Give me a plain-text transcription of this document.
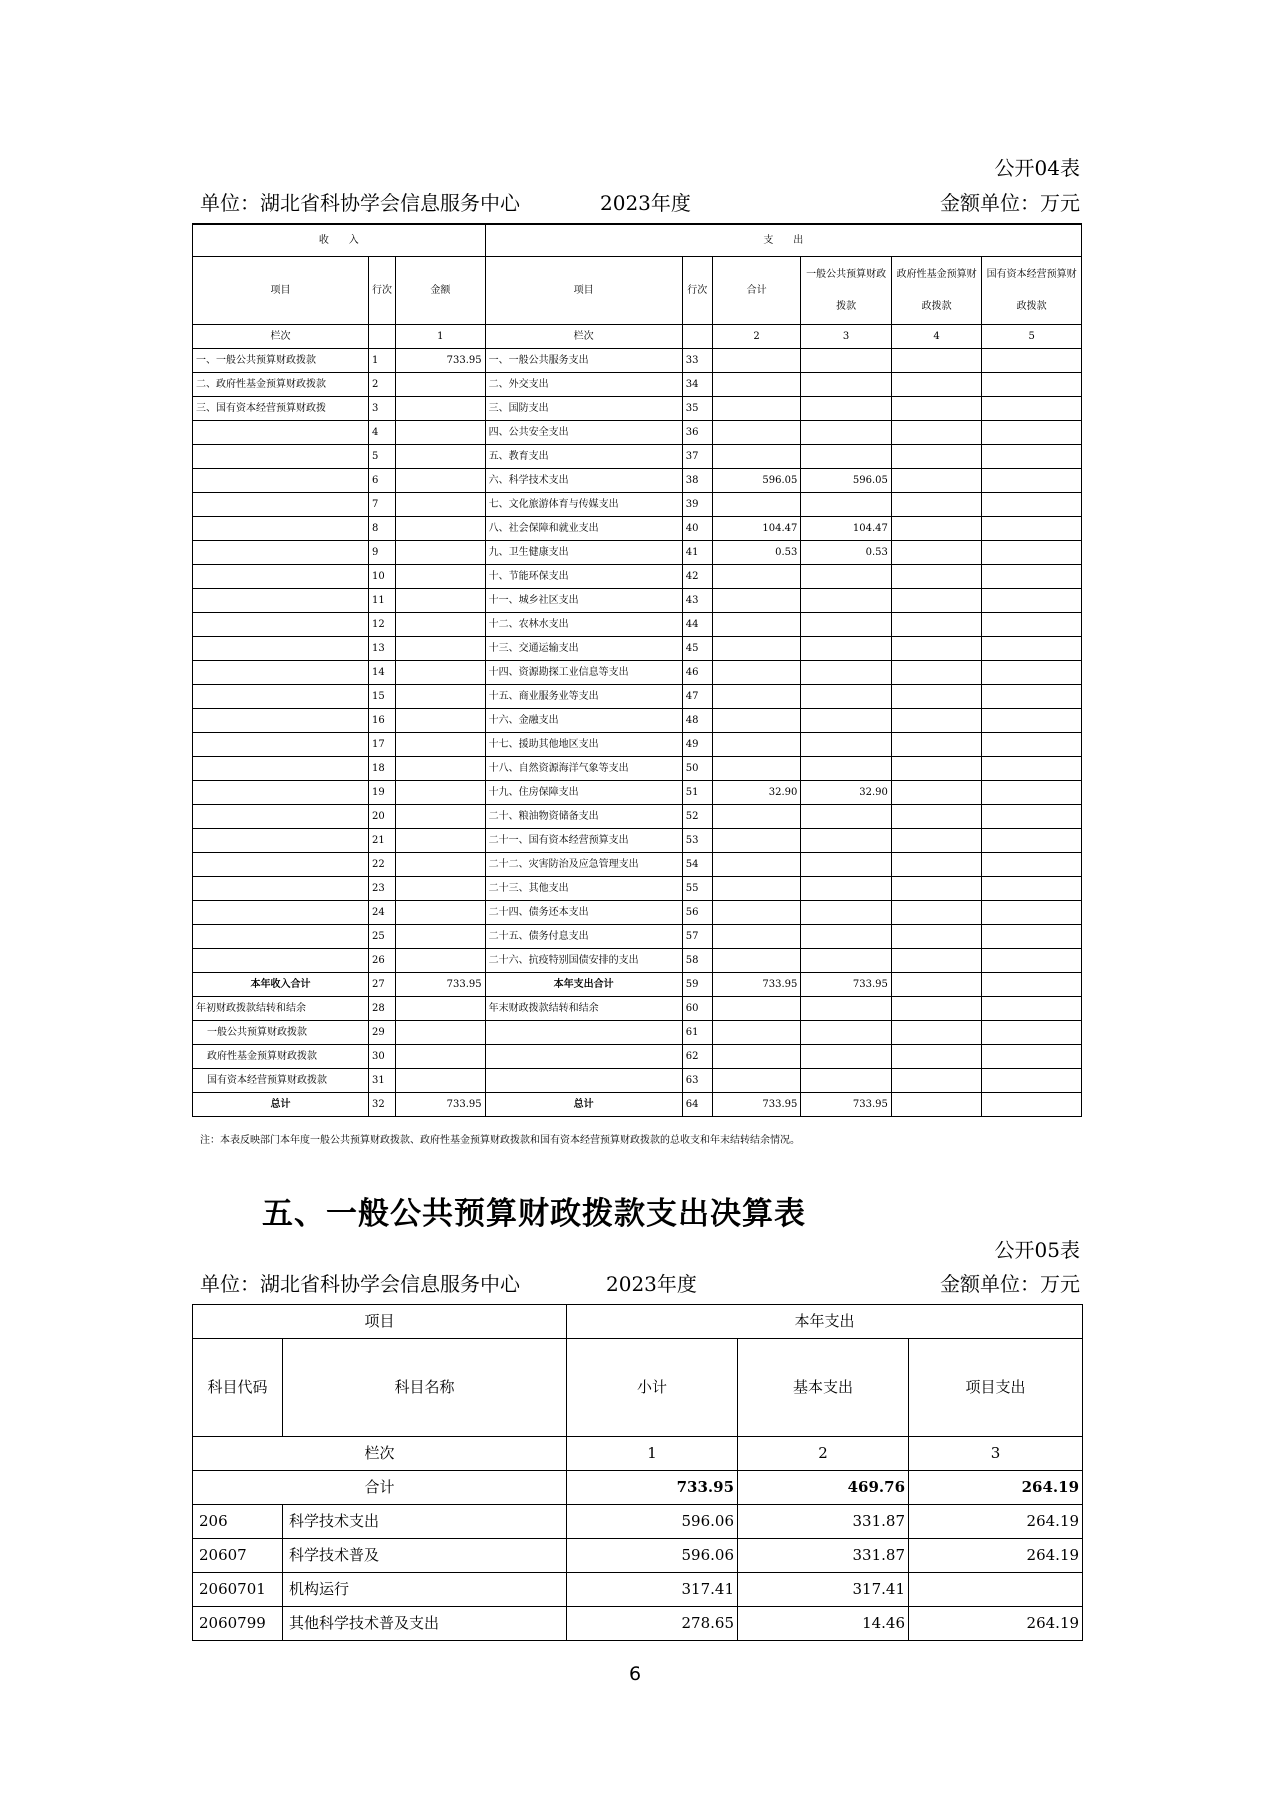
公开04表
单位：湖北省科协学会信息服务中心	2023年度	金额单位：万元
收　　入			支　　出					
项目	行次	金额	项目	行次	合计	一般公共预算财政拨款	政府性基金预算财政拨款	国有资本经营预算财政拨款
栏次		1	栏次		2	3	4	5
一、一般公共预算财政拨款	1	733.95	一、一般公共服务支出	33				
二、政府性基金预算财政拨款	2		二、外交支出	34				
三、国有资本经营预算财政拨	3		三、国防支出	35				
	4		四、公共安全支出	36				
	5		五、教育支出	37				
	6		六、科学技术支出	38	596.05	596.05		
	7		七、文化旅游体育与传媒支出	39				
	8		八、社会保障和就业支出	40	104.47	104.47		
	9		九、卫生健康支出	41	0.53	0.53		
	10		十、节能环保支出	42				
	11		十一、城乡社区支出	43				
	12		十二、农林水支出	44				
	13		十三、交通运输支出	45				
	14		十四、资源勘探工业信息等支出	46				
	15		十五、商业服务业等支出	47				
	16		十六、金融支出	48				
	17		十七、援助其他地区支出	49				
	18		十八、自然资源海洋气象等支出	50				
	19		十九、住房保障支出	51	32.90	32.90		
	20		二十、粮油物资储备支出	52				
	21		二十一、国有资本经营预算支出	53				
	22		二十二、灾害防治及应急管理支出	54				
	23		二十三、其他支出	55				
	24		二十四、债务还本支出	56				
	25		二十五、债务付息支出	57				
	26		二十六、抗疫特别国债安排的支出	58				
本年收入合计	27	733.95	本年支出合计	59	733.95	733.95		
年初财政拨款结转和结余	28		年末财政拨款结转和结余	60				
一般公共预算财政拨款	29			61				
政府性基金预算财政拨款	30			62				
国有资本经营预算财政拨款	31			63				
总计	32	733.95	总计	64	733.95	733.95		
注：本表反映部门本年度一般公共预算财政拨款、政府性基金预算财政拨款和国有资本经营预算财政拨款的总收支和年末结转结余情况。
五、一般公共预算财政拨款支出决算表
公开05表
单位：湖北省科协学会信息服务中心	2023年度	金额单位：万元
项目		本年支出		
科目代码	科目名称	小计	基本支出	项目支出
栏次		1	2	3
合计		733.95	469.76	264.19
206	科学技术支出	596.06	331.87	264.19
20607	科学技术普及	596.06	331.87	264.19
2060701	机构运行	317.41	317.41	
2060799	其他科学技术普及支出	278.65	14.46	264.19
6
